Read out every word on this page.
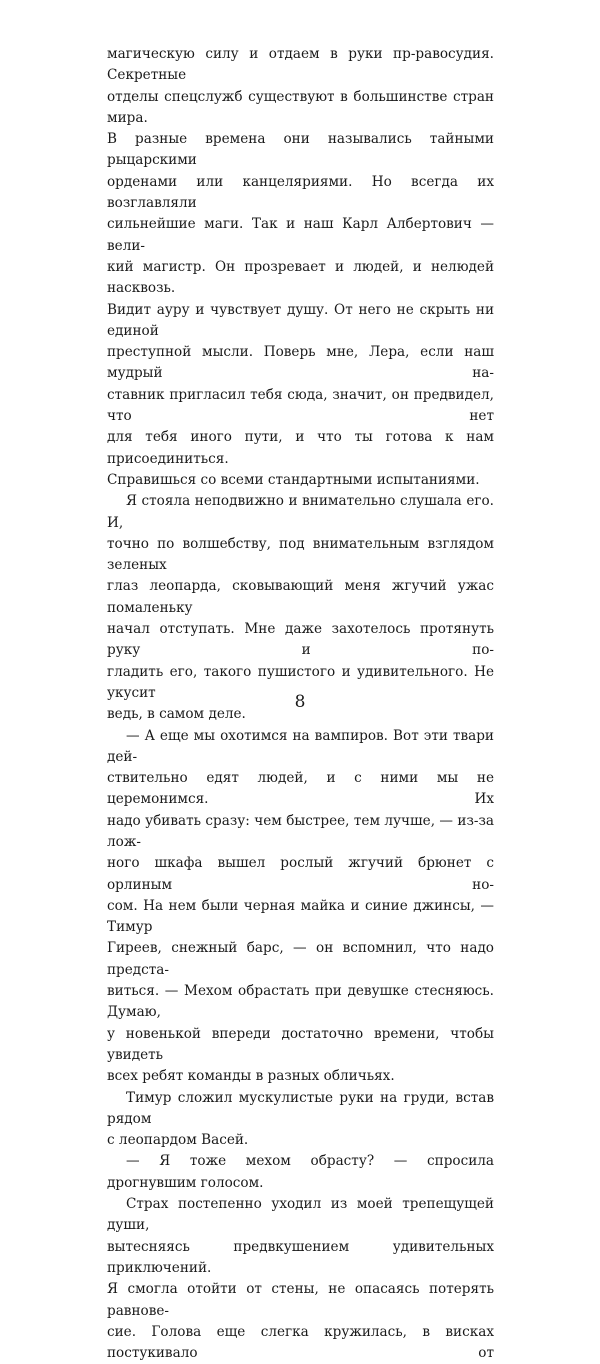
магическую силу и отдаем в руки пр-равосудия. Секретные

отделы спецслужб существуют в большинстве стран мира.

В разные времена они назывались тайными рыцарскими

орденами или канцеляриями. Но всегда их возглавляли

сильнейшие маги. Так и наш Карл Албертович — вели-

кий магистр. Он прозревает и людей, и нелюдей насквозь.

Видит ауру и чувствует душу. От него не скрыть ни единой

преступной мысли. Поверь мне, Лера, если наш мудрый на-

ставник пригласил тебя сюда, значит, он предвидел, что нет

для тебя иного пути, и что ты готова к нам присоединиться.

Справишься со всеми стандартными испытаниями.

Я стояла неподвижно и внимательно слушала его. И,

точно по волшебству, под внимательным взглядом зеленых

глаз леопарда, сковывающий меня жгучий ужас помаленьку

начал отступать. Мне даже захотелось протянуть руку и по-

гладить его, такого пушистого и удивительного. Не укусит

ведь, в самом деле.

— А еще мы охотимся на вампиров. Вот эти твари дей-

ствительно едят людей, и с ними мы не церемонимся. Их

надо убивать сразу: чем быстрее, тем лучше, — из-за лож-

ного шкафа вышел рослый жгучий брюнет с орлиным но-

сом. На нем были черная майка и синие джинсы, — Тимур

Гиреев, снежный барс, — он вспомнил, что надо предста-

виться. — Мехом обрастать при девушке стесняюсь. Думаю,

у новенькой впереди достаточно времени, чтобы увидеть

всех ребят команды в разных обличьях.

Тимур сложил мускулистые руки на груди, встав рядом

с леопардом Васей.

— Я тоже мехом обрасту? — спросила дрогнувшим голосом.

Страх постепенно уходил из моей трепещущей души,

вытесняясь предвкушением удивительных приключений.

Я смогла отойти от стены, не опасаясь потерять равнове-

сие. Голова еще слегка кружилась, в висках постукивало от

8
